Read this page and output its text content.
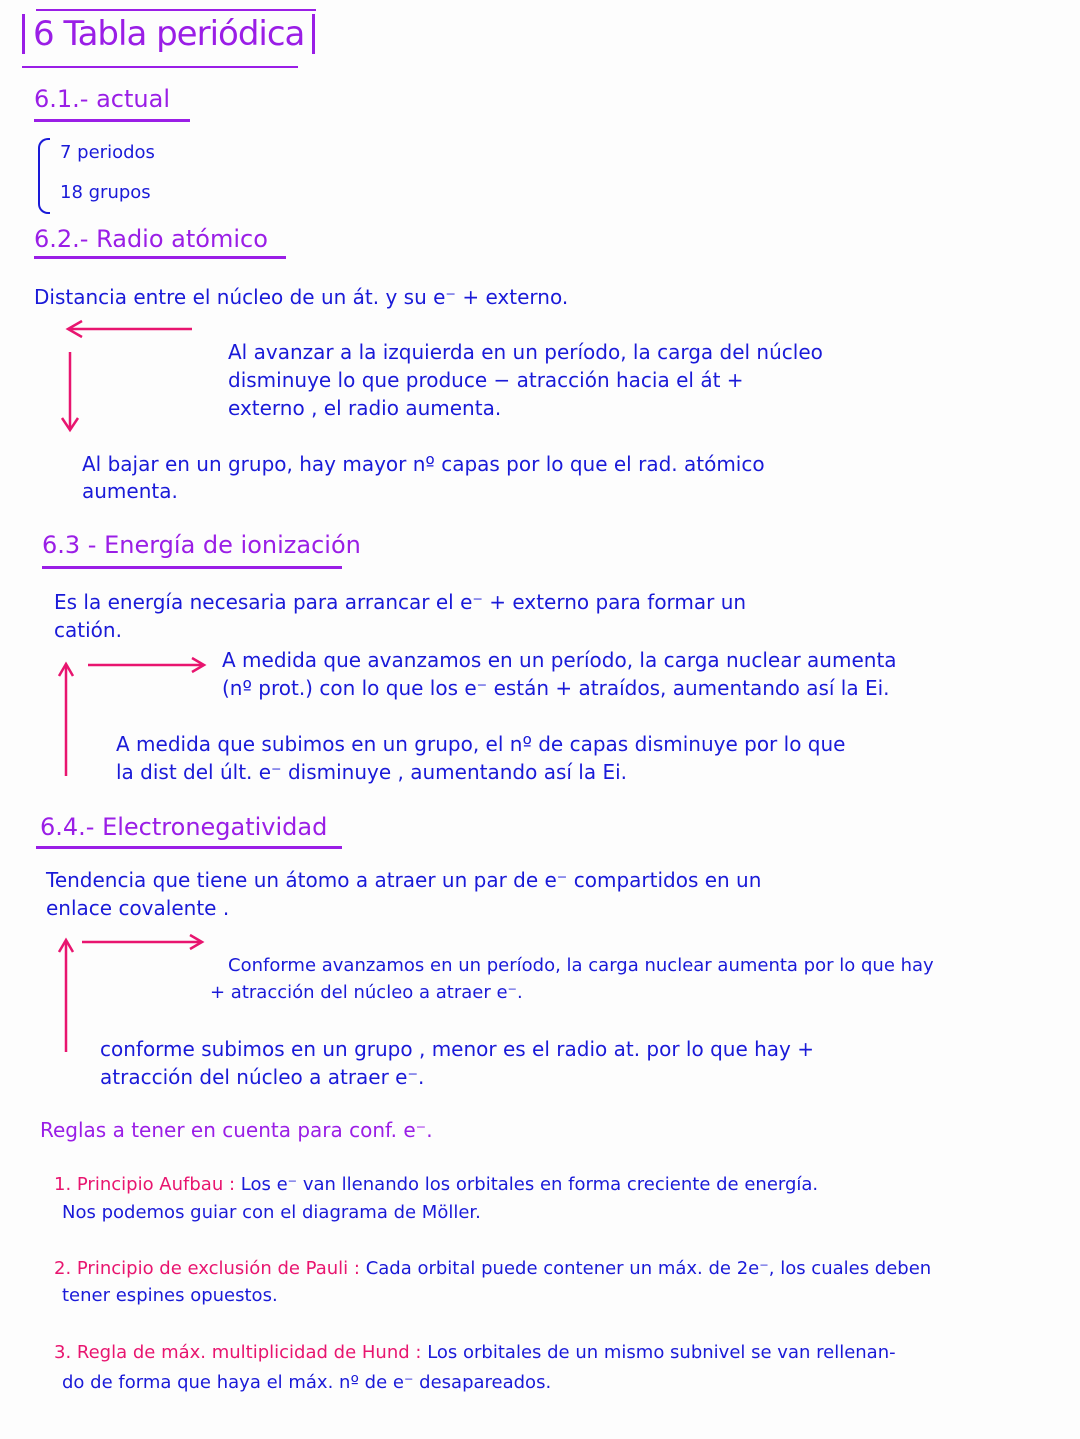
6 Tabla periódica
6.1.- actual
7 periodos
18 grupos
6.2.- Radio atómico
Distancia entre el núcleo de un át. y su e⁻ + externo.
Al avanzar a la izquierda en un período, la carga del núcleo
disminuye lo que produce − atracción hacia el át +
externo , el radio aumenta.
Al bajar en un grupo, hay mayor nº capas por lo que el rad. atómico
aumenta.
6.3 - Energía de ionización
Es la energía necesaria para arrancar el e⁻ + externo para formar un
catión.
A medida que avanzamos en un período, la carga nuclear aumenta
(nº prot.) con lo que los e⁻ están + atraídos, aumentando así la Ei.
A medida que subimos en un grupo, el nº de capas disminuye por lo que
la dist del últ. e⁻ disminuye , aumentando así la Ei.
6.4.- Electronegatividad
Tendencia que tiene un átomo a atraer un par de e⁻ compartidos en un
enlace covalente .
Conforme avanzamos en un período, la carga nuclear aumenta por lo que hay
+ atracción del núcleo a atraer e⁻.
conforme subimos en un grupo , menor es el radio at. por lo que hay +
atracción del núcleo a atraer e⁻.
Reglas a tener en cuenta para conf. e⁻.
1. Principio Aufbau : Los e⁻ van llenando los orbitales en forma creciente de energía.
Nos podemos guiar con el diagrama de Möller.
2. Principio de exclusión de Pauli : Cada orbital puede contener un máx. de 2e⁻, los cuales deben
tener espines opuestos.
3. Regla de máx. multiplicidad de Hund : Los orbitales de un mismo subnivel se van rellenan-
do de forma que haya el máx. nº de e⁻ desapareados.
